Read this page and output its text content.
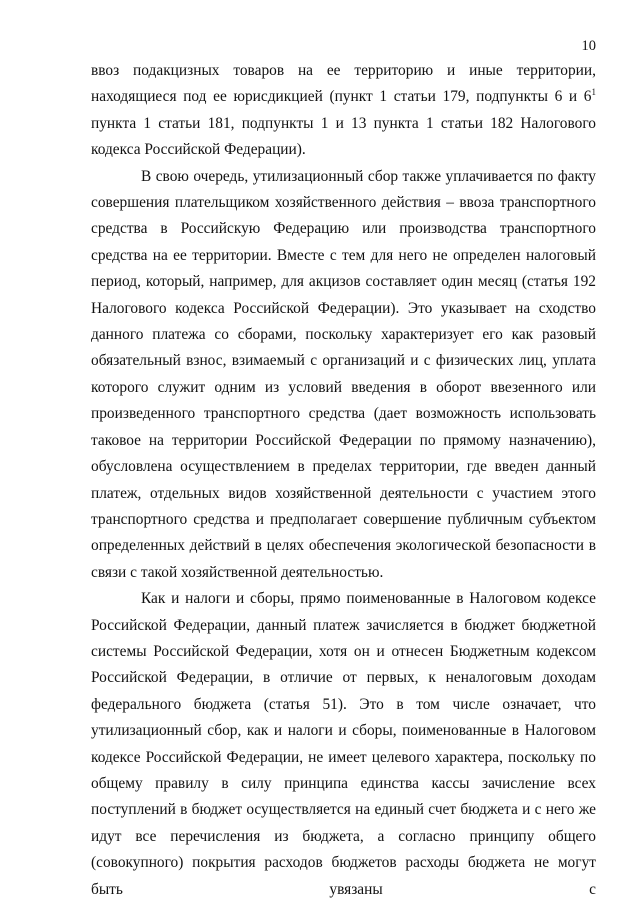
10

ввоз подакцизных товаров на ее территорию и иные территории, находящиеся под ее юрисдикцией (пункт 1 статьи 179, подпункты 6 и $6^1$ пункта 1 статьи 181, подпункты 1 и 13 пункта 1 статьи 182 Налогового кодекса Российской Федерации).

В свою очередь, утилизационный сбор также уплачивается по факту совершения плательщиком хозяйственного действия – ввоза транспортного средства в Российскую Федерацию или производства транспортного средства на ее территории. Вместе с тем для него не определен налоговый период, который, например, для акцизов составляет один месяц (статья 192 Налогового кодекса Российской Федерации). Это указывает на сходство данного платежа со сборами, поскольку характеризует его как разовый обязательный взнос, взимаемый с организаций и с физических лиц, уплата которого служит одним из условий введения в оборот ввезенного или произведенного транспортного средства (дает возможность использовать таковое на территории Российской Федерации по прямому назначению), обусловлена осуществлением в пределах территории, где введен данный платеж, отдельных видов хозяйственной деятельности с участием этого транспортного средства и предполагает совершение публичным субъектом определенных действий в целях обеспечения экологической безопасности в связи с такой хозяйственной деятельностью.

Как и налоги и сборы, прямо поименованные в Налоговом кодексе Российской Федерации, данный платеж зачисляется в бюджет бюджетной системы Российской Федерации, хотя он и отнесен Бюджетным кодексом Российской Федерации, в отличие от первых, к неналоговым доходам федерального бюджета (статья 51). Это в том числе означает, что утилизационный сбор, как и налоги и сборы, поименованные в Налоговом кодексе Российской Федерации, не имеет целевого характера, поскольку по общему правилу в силу принципа единства кассы зачисление всех поступлений в бюджет осуществляется на единый счет бюджета и с него же идут все перечисления из бюджета, а согласно принципу общего (совокупного) покрытия расходов бюджетов расходы бюджета не могут быть увязаны с
